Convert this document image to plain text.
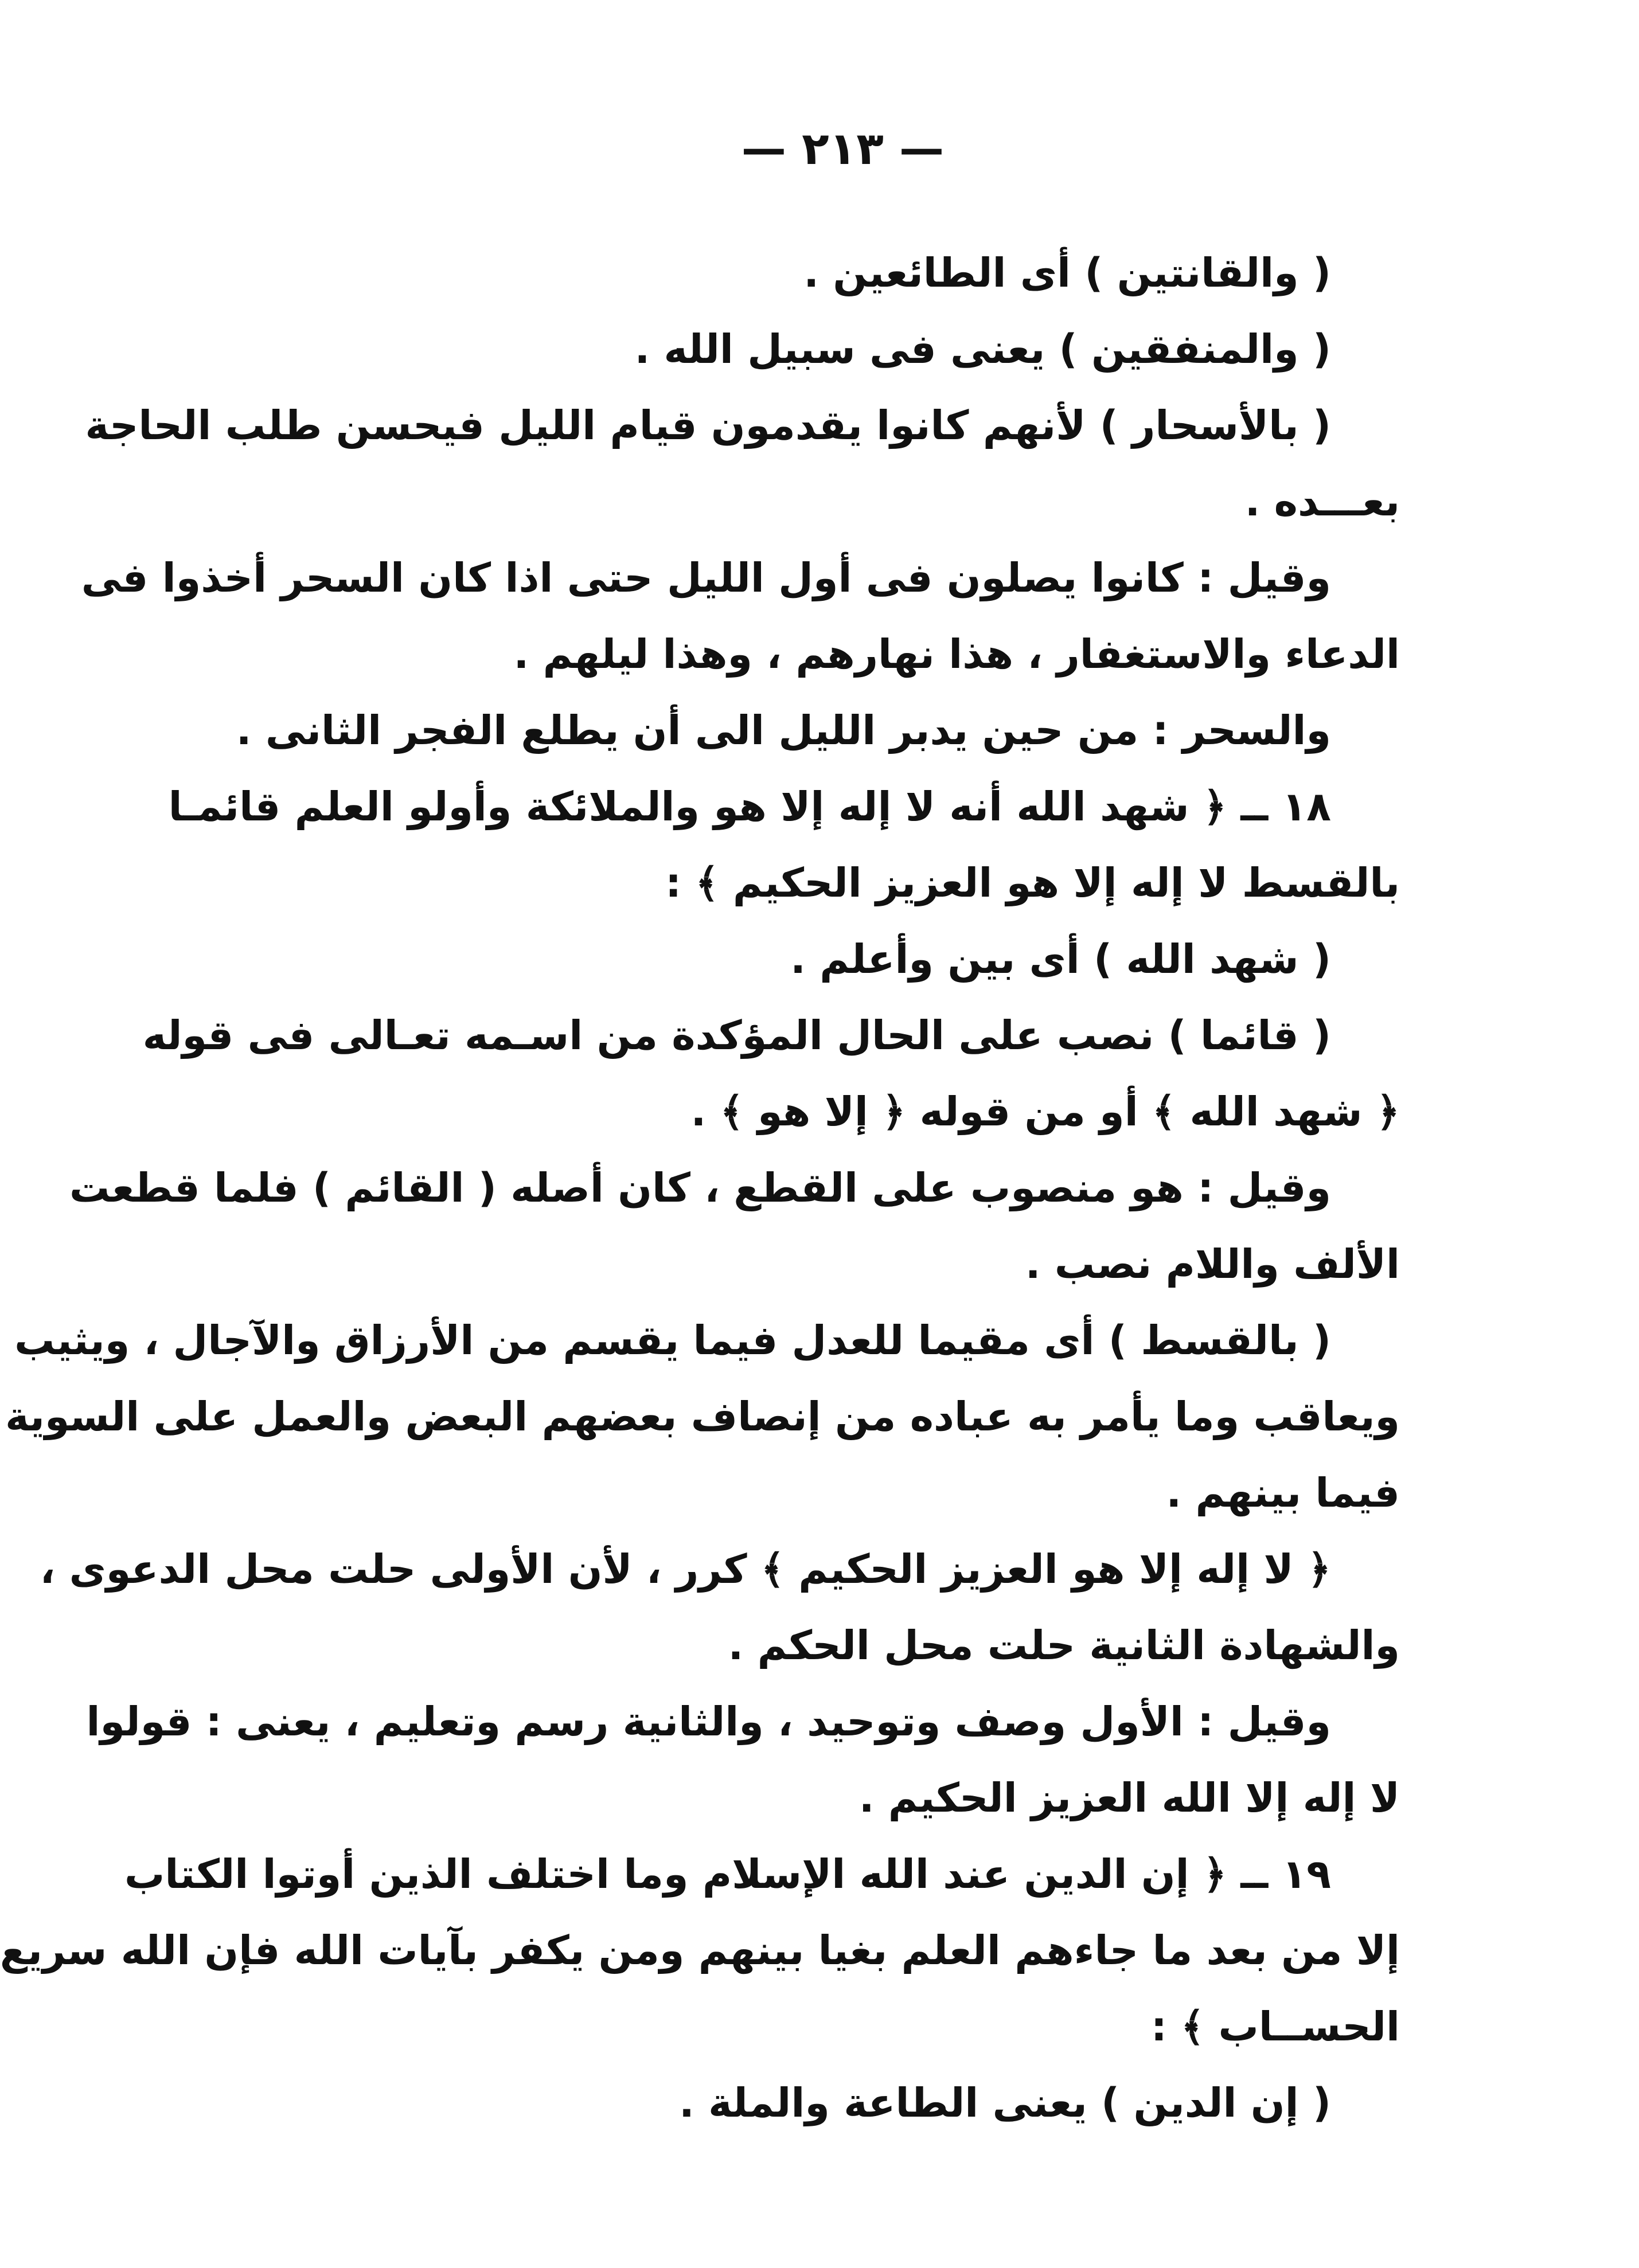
— ٢١٣ —
( والقانتين ) أى الطائعين .
( والمنفقين ) يعنى فى سبيل الله .
( بالأسحار ) لأنهم كانوا يقدمون قيام الليل فيحسن طلب الحاجة
بعـــده .
وقيل : كانوا يصلون فى أول الليل حتى اذا كان السحر أخذوا فى
الدعاء والاستغفار ، هذا نهارهم ، وهذا ليلهم .
والسحر : من حين يدبر الليل الى أن يطلع الفجر الثانى .
١٨ ــ ﴿ شهد الله أنه لا إله إلا هو والملائكة وأولو العلم قائمـا
بالقسط لا إله إلا هو العزيز الحكيم ﴾ :
( شهد الله ) أى بين وأعلم .
( قائما ) نصب على الحال المؤكدة من اسـمه تعـالى فى قوله
﴿ شهد الله ﴾ أو من قوله ﴿ إلا هو ﴾ .
وقيل : هو منصوب على القطع ، كان أصله ( القائم ) فلما قطعت
الألف واللام نصب .
( بالقسط ) أى مقيما للعدل فيما يقسم من الأرزاق والآجال ، ويثيب
ويعاقب وما يأمر به عباده من إنصاف بعضهم البعض والعمل على السوية
فيما بينهم .
﴿ لا إله إلا هو العزيز الحكيم ﴾ كرر ، لأن الأولى حلت محل الدعوى ،
والشهادة الثانية حلت محل الحكم .
وقيل : الأول وصف وتوحيد ، والثانية رسم وتعليم ، يعنى : قولوا
لا إله إلا الله العزيز الحكيم .
١٩ ــ ﴿ إن الدين عند الله الإسلام وما اختلف الذين أوتوا الكتاب
إلا من بعد ما جاءهم العلم بغيا بينهم ومن يكفر بآيات الله فإن الله سريع
الحســاب ﴾ :
( إن الدين ) يعنى الطاعة والملة .
